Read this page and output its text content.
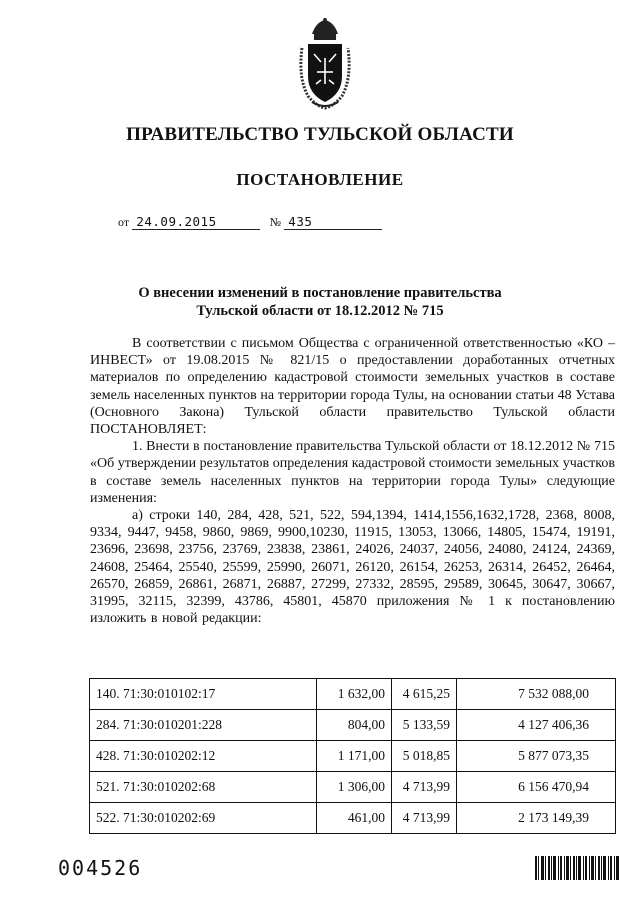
ПРАВИТЕЛЬСТВО ТУЛЬСКОЙ ОБЛАСТИ
ПОСТАНОВЛЕНИЕ
от 24.09.2015	№ 435
О внесении изменений в постановление правительства
Тульской области от 18.12.2012 № 715

В соответствии с письмом Общества с ограниченной ответственностью «КО – ИНВЕСТ» от 19.08.2015 № 821/15 о предоставлении доработанных отчетных материалов по определению кадастровой стоимости земельных участков в составе земель населенных пунктов на территории города Тулы, на основании статьи 48 Устава (Основного Закона) Тульской области правительство Тульской области ПОСТАНОВЛЯЕТ:

1. Внести в постановление правительства Тульской области от 18.12.2012 № 715 «Об утверждении результатов определения кадастровой стоимости земельных участков в составе земель населенных пунктов на территории города Тулы» следующие изменения:

а) строки 140, 284, 428, 521, 522, 594,1394, 1414,1556,1632,1728, 2368, 8008, 9334, 9447, 9458, 9860, 9869, 9900,10230, 11915, 13053, 13066, 14805, 15474, 19191, 23696, 23698, 23756, 23769, 23838, 23861, 24026, 24037, 24056, 24080, 24124, 24369, 24608, 25464, 25540, 25599, 25990, 26071, 26120, 26154, 26253, 26314, 26452, 26464, 26570, 26859, 26861, 26871, 26887, 27299, 27332, 28595, 29589, 30645, 30647, 30667, 31995, 32115, 32399, 43786, 45801, 45870 приложения № 1 к постановлению изложить в новой редакции:

140. 71:30:010102:17	1 632,00	4 615,25	7 532 088,00
284. 71:30:010201:228	804,00	5 133,59	4 127 406,36
428. 71:30:010202:12	1 171,00	5 018,85	5 877 073,35
521. 71:30:010202:68	1 306,00	4 713,99	6 156 470,94
522. 71:30:010202:69	461,00	4 713,99	2 173 149,39
004526
